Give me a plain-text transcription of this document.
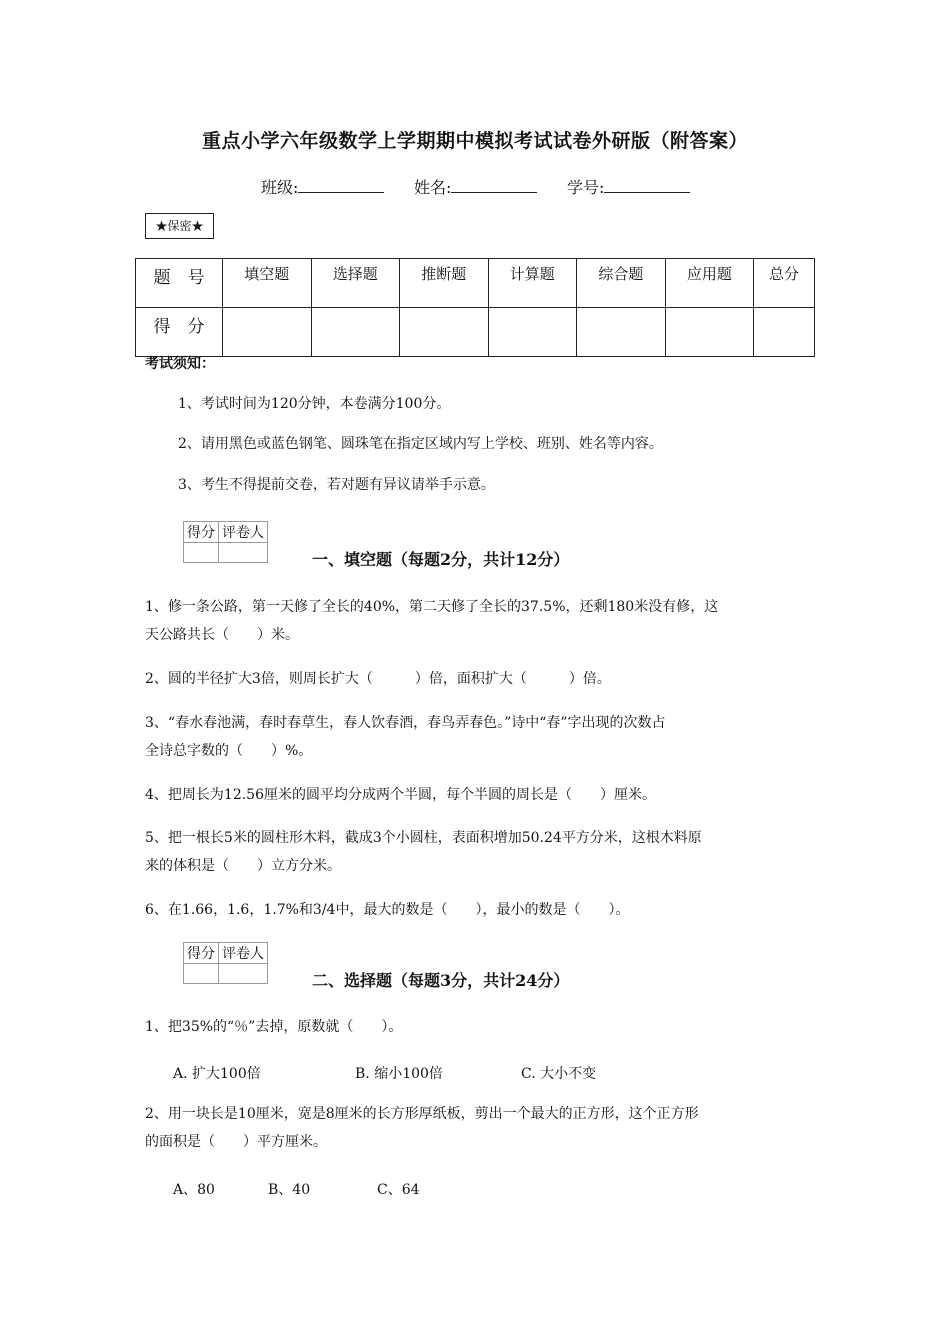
重点小学六年级数学上学期期中模拟考试试卷外研版（附答案）
班级:	姓名:	学号:
★保密★
题　号	填空题	选择题	推断题	计算题	综合题	应用题	总分
得　分							
考试须知：
1、考试时间为120分钟，本卷满分100分。
2、请用黑色或蓝色钢笔、圆珠笔在指定区域内写上学校、班别、姓名等内容。
3、考生不得提前交卷，若对题有异议请举手示意。
得分	评卷人

一、填空题（每题2分，共计12分）
1、修一条公路，第一天修了全长的40%，第二天修了全长的37.5%，还剩180米没有修，这
天公路共长（　　）米。
2、圆的半径扩大3倍，则周长扩大（　　　）倍，面积扩大（　　　）倍。
3、“春水春池满，春时春草生，春人饮春酒，春鸟弄春色。”诗中“春”字出现的次数占
全诗总字数的（　　）%。
4、把周长为12.56厘米的圆平均分成两个半圆，每个半圆的周长是（　　）厘米。
5、把一根长5米的圆柱形木料，截成3个小圆柱，表面积增加50.24平方分米，这根木料原
来的体积是（　　）立方分米。
6、在1.66，1.6，1.7%和3/4中，最大的数是（　　），最小的数是（　　）。
得分	评卷人

二、选择题（每题3分，共计24分）
1、把35%的“％”去掉，原数就（　　）。
A. 扩大100倍	B. 缩小100倍	C. 大小不变
2、用一块长是10厘米，宽是8厘米的长方形厚纸板，剪出一个最大的正方形，这个正方形
的面积是（　　）平方厘米。
A、80	B、40	C、64
